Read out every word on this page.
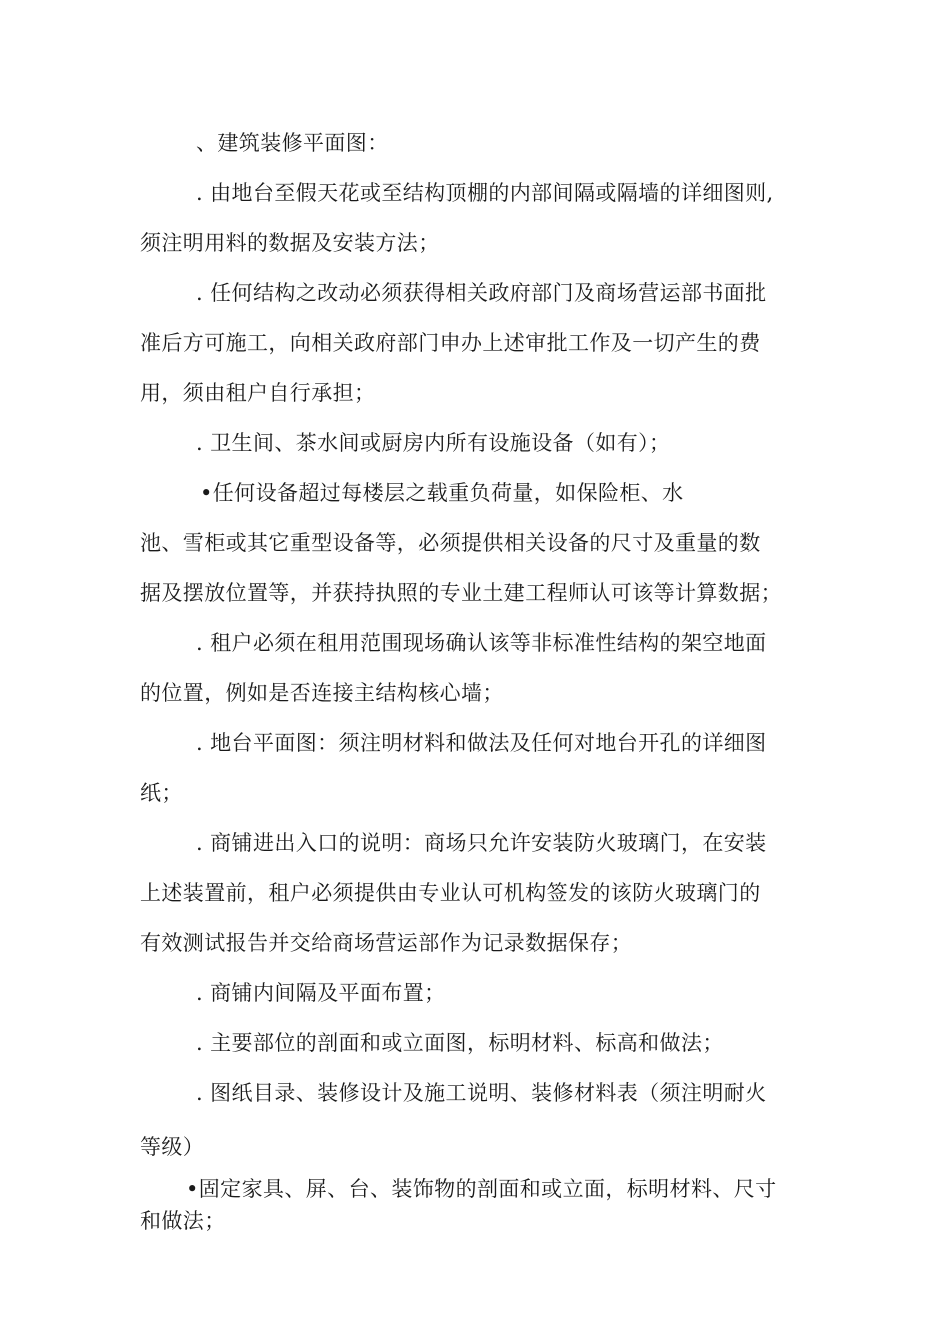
、建筑装修平面图：
. 由地台至假天花或至结构顶棚的内部间隔或隔墙的详细图则,
须注明用料的数据及安装方法；
. 任何结构之改动必须获得相关政府部门及商场营运部书面批
准后方可施工，向相关政府部门申办上述审批工作及一切产生的费
用，须由租户自行承担；
. 卫生间、茶水间或厨房内所有设施设备（如有）；
•任何设备超过每楼层之载重负荷量，如保险柜、水
池、雪柜或其它重型设备等，必须提供相关设备的尺寸及重量的数
据及摆放位置等，并获持执照的专业土建工程师认可该等计算数据；
. 租户必须在租用范围现场确认该等非标准性结构的架空地面
的位置，例如是否连接主结构核心墙；
. 地台平面图：须注明材料和做法及任何对地台开孔的详细图
纸；
. 商铺进出入口的说明：商场只允许安装防火玻璃门，在安装
上述装置前，租户必须提供由专业认可机构签发的该防火玻璃门的
有效测试报告并交给商场营运部作为记录数据保存；
. 商铺内间隔及平面布置；
. 主要部位的剖面和或立面图，标明材料、标高和做法；
. 图纸目录、装修设计及施工说明、装修材料表（须注明耐火
等级）
•固定家具、屏、台、装饰物的剖面和或立面，标明材料、尺寸
和做法；
